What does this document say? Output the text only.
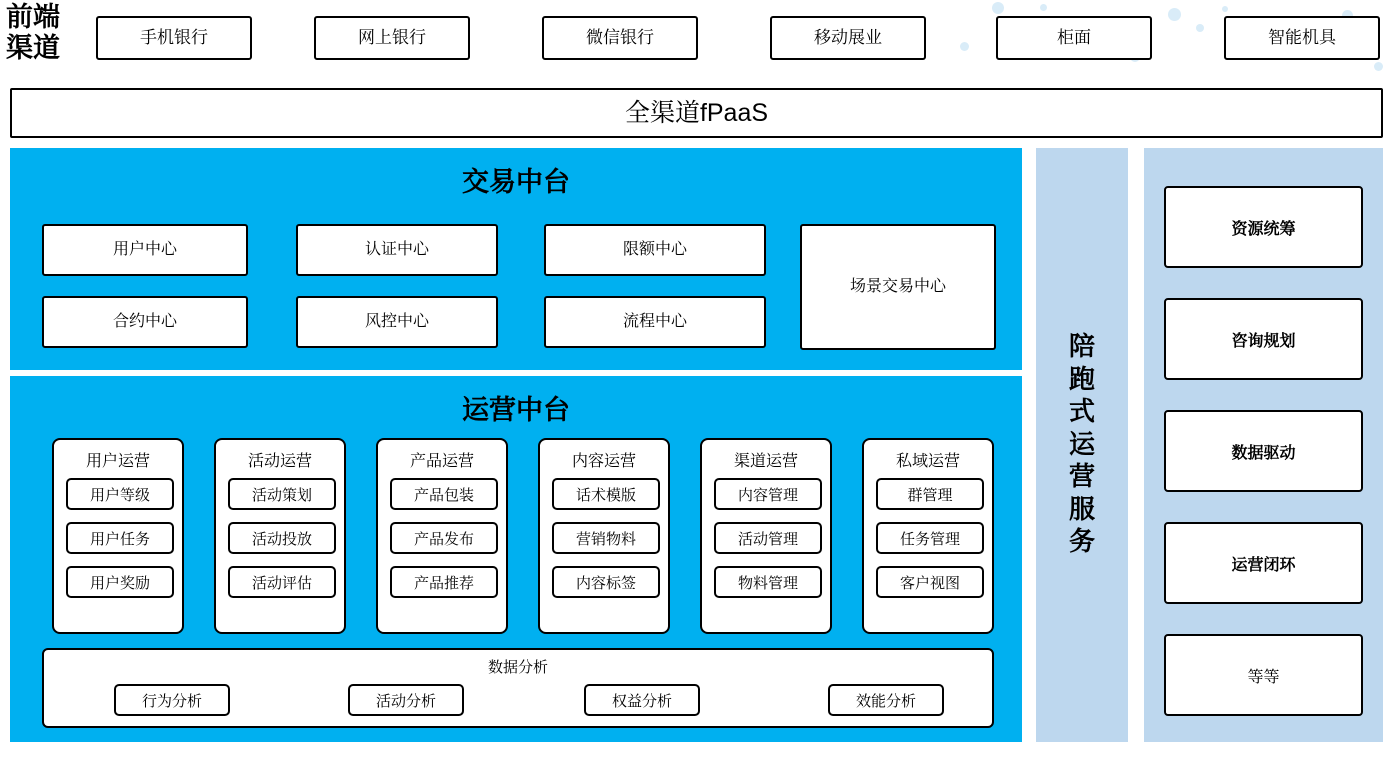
前端渠道	手机银行	网上银行	微信银行	移动展业	柜面	智能机具
全渠道fPaaS
交易中台
用户中心	认证中心	限额中心
合约中心	风控中心	流程中心
场景交易中心
运营中台
用户运营
用户等级
用户任务
用户奖励
活动运营
活动策划
活动投放
活动评估
产品运营
产品包装
产品发布
产品推荐
内容运营
话术模版
营销物料
内容标签
渠道运营
内容管理
活动管理
物料管理
私域运营
群管理
任务管理
客户视图
数据分析
行为分析	活动分析	权益分析	效能分析
陪跑式运营服务
资源统筹
咨询规划
数据驱动
运营闭环
等等
